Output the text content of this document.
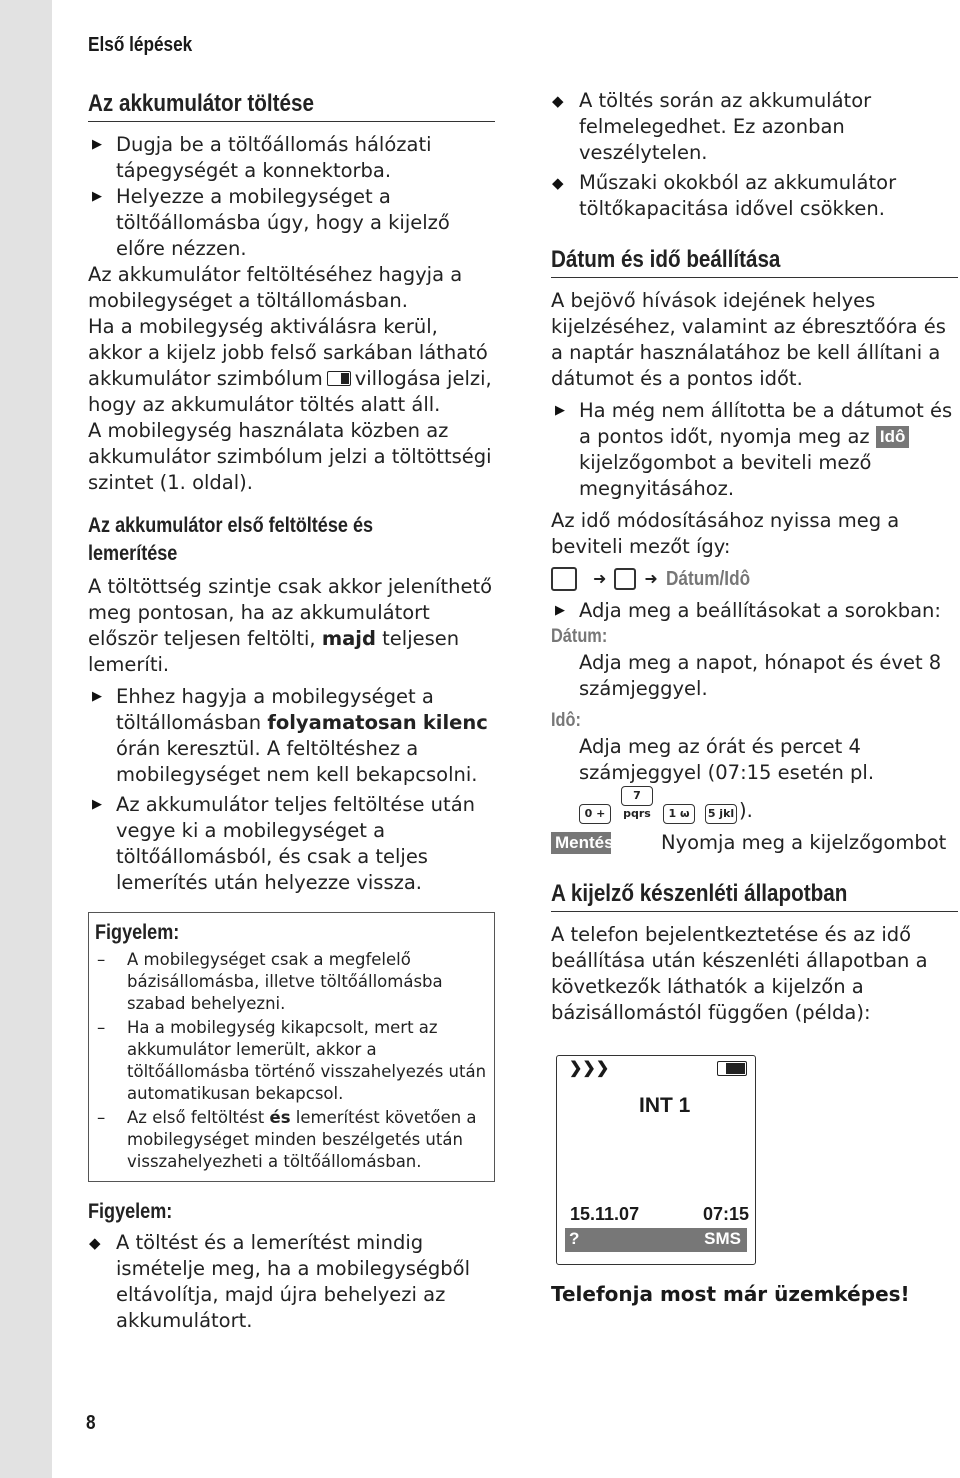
Első lépések
8
Az akkumulátor töltése
▶ Dugja be a töltőállomás hálózati tápegységét a konnektorba.
▶ Helyezze a mobilegységet a töltőállomásba úgy, hogy a kijelző előre nézzen.

Az akkumulátor feltöltéséhez hagyja a mobilegységet a töltállomásban.

Ha a mobilegység aktiválásra kerül, akkor a kijelz jobb felső sarkában látható akkumulátor szimbólum villogása jelzi, hogy az akkumulátor töltés alatt áll.

A mobilegység használata közben az akkumulátor szimbólum jelzi a töltöttségi szintet (1. oldal).

Az akkumulátor első feltöltése és
lemerítése

A töltöttség szintje csak akkor jeleníthető meg pontosan, ha az akkumulátort először teljesen feltölti, majd teljesen lemeríti.

▶ Ehhez hagyja a mobilegységet a töltállomásban folyamatosan kilenc órán keresztül. A feltöltéshez a mobilegységet nem kell bekapcsolni.
▶ Az akkumulátor teljes feltöltése után vegye ki a mobilegységet a töltőállomásból, és csak a teljes lemerítés után helyezze vissza.
Figyelem:
– A mobilegységet csak a megfelelő bázisállomásba, illetve töltőállomásba szabad behelyezni.
– Ha a mobilegység kikapcsolt, mert az akkumulátor lemerült, akkor a töltőállomásba történő visszahelyezés után automatikusan bekapcsol.
– Az első feltöltést és lemerítést követően a mobilegységet minden beszélgetés után visszahelyezheti a töltőállomásban.
Figyelem:
◆ A töltést és a lemerítést mindig ismételje meg, ha a mobilegységből eltávolítja, majd újra behelyezi az akkumulátort.
◆ A töltés során az akkumulátor felmelegedhet. Ez azonban veszélytelen.
◆ Műszaki okokból az akkumulátor töltőkapacitása idővel csökken.
Dátum és idő beállítása

A bejövő hívások idejének helyes kijelzéséhez, valamint az ébresztőóra és a naptár használatához be kell állítani a dátumot és a pontos időt.

▶ Ha még nem állította be a dátumot és a pontos időt, nyomja meg az Idô kijelzőgombot a beviteli mező megnyitásához.

Az idő módosításához nyissa meg a beviteli mezőt így:

➜ ➜ Dátum/Idô
▶ Adja meg a beállításokat a sorokban:
Dátum:

Adja meg a napot, hónapot és évet 8 számjeggyel.

Idô:

Adja meg az órát és percet 4 számjeggyel (07:15 esetén pl.

0 +7 pqrs 1 ω 5 jkl ).

Mentés Nyomja meg a kijelzőgombot
A kijelző készenléti állapotban

A telefon bejelentkeztetése és az idő beállítása után készenléti állapotban a következők láthatók a kijelzőn a bázisállomástól függően (példa):

❯❯❯
INT 1
15.11.07	07:15
?	SMS
Telefonja most már üzemképes!
